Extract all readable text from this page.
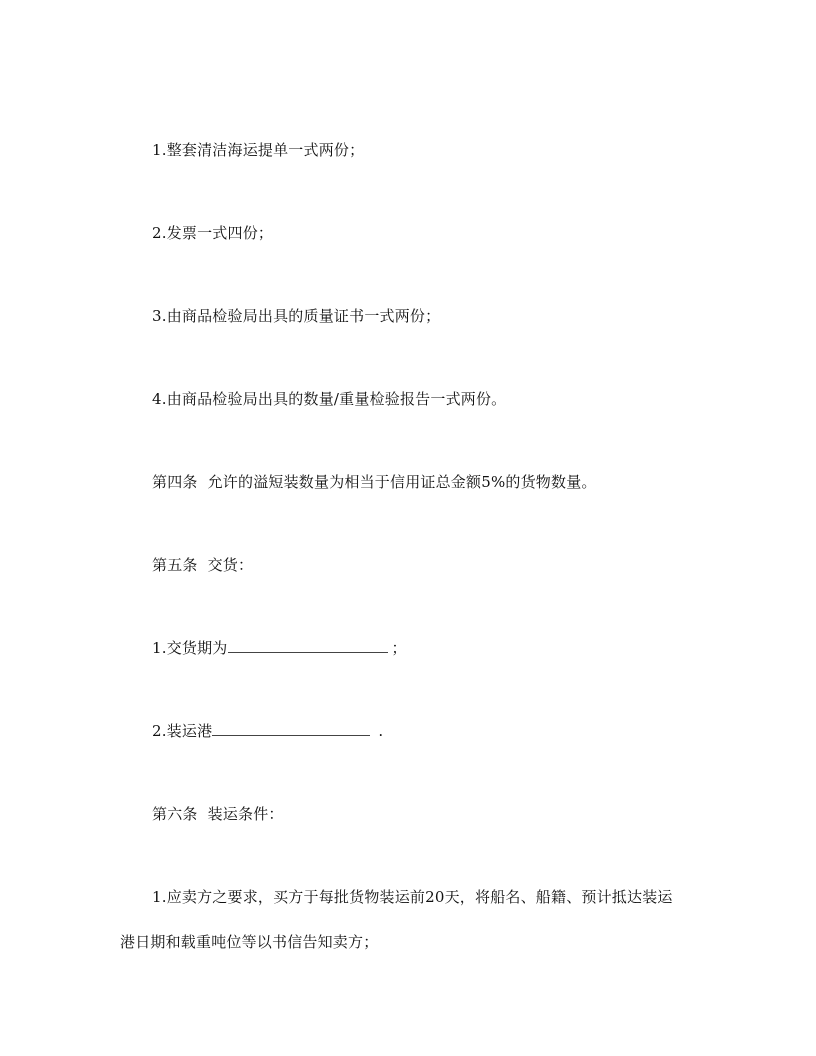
1.整套清洁海运提单一式两份；
2.发票一式四份；
3.由商品检验局出具的质量证书一式两份；
4.由商品检验局出具的数量/重量检验报告一式两份。
第四条 允许的溢短装数量为相当于信用证总金额5%的货物数量。
第五条 交货：
1.交货期为	；
2.装运港	.
第六条 装运条件：
1.应卖方之要求，买方于每批货物装运前20天，将船名、船籍、预计抵达装运
港日期和载重吨位等以书信告知卖方；
